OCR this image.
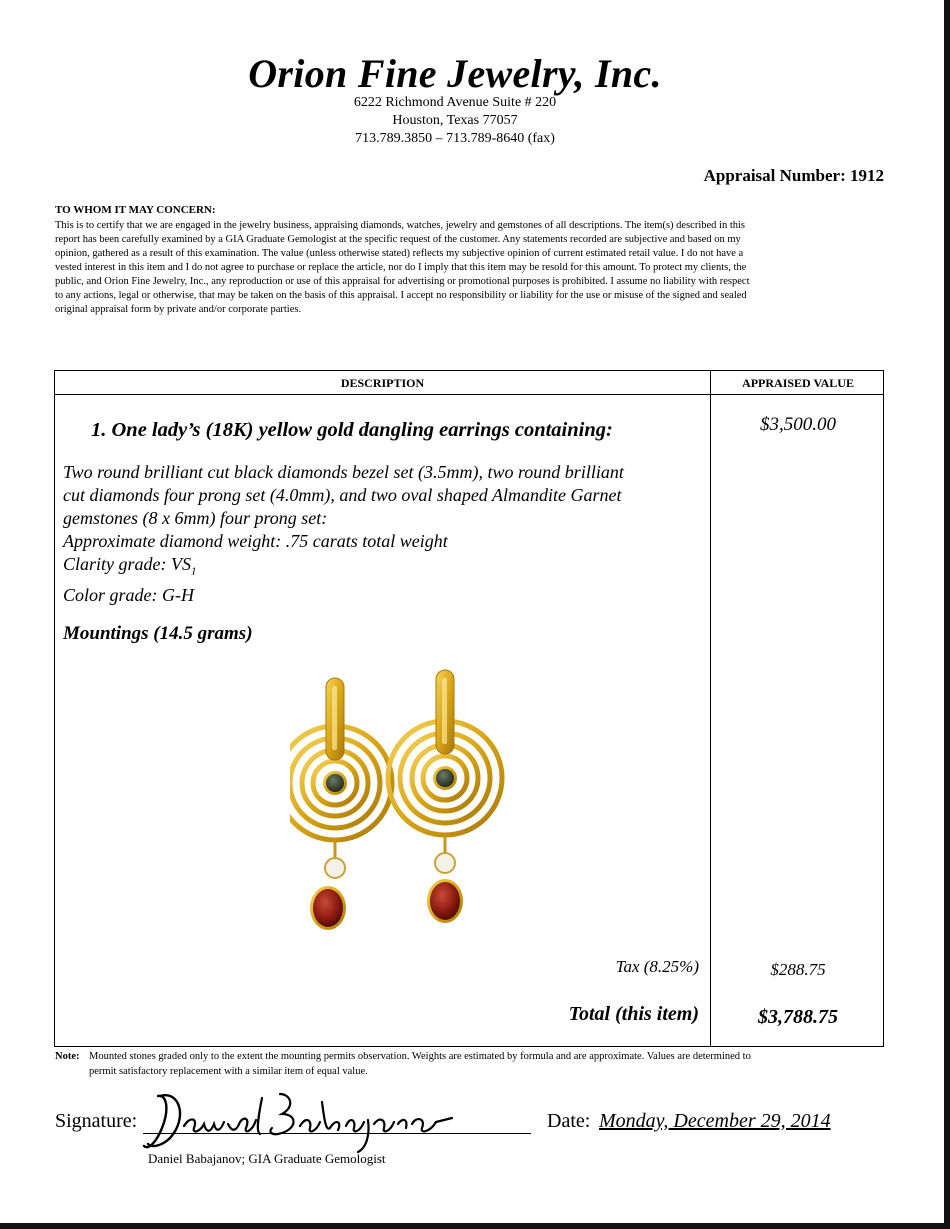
Orion Fine Jewelry, Inc.
6222 Richmond Avenue Suite # 220
Houston, Texas 77057
713.789.3850 – 713.789-8640 (fax)
Appraisal Number: 1912
TO WHOM IT MAY CONCERN:
This is to certify that we are engaged in the jewelry business, appraising diamonds, watches, jewelry and gemstones of all descriptions. The item(s) described in this
report has been carefully examined by a GIA Graduate Gemologist at the specific request of the customer. Any statements recorded are subjective and based on my
opinion, gathered as a result of this examination. The value (unless otherwise stated) reflects my subjective opinion of current estimated retail value. I do not have a
vested interest in this item and I do not agree to purchase or replace the article, nor do I imply that this item may be resold for this amount. To protect my clients, the
public, and Orion Fine Jewelry, Inc., any reproduction or use of this appraisal for advertising or promotional purposes is prohibited. I assume no liability with respect
to any actions, legal or otherwise, that may be taken on the basis of this appraisal. I accept no responsibility or liability for the use or misuse of the signed and sealed
original appraisal form by private and/or corporate parties.
DESCRIPTION	APPRAISED VALUE
1. One lady’s (18K) yellow gold dangling earrings containing:
Two round brilliant cut black diamonds bezel set (3.5mm), two round brilliant
cut diamonds four prong set (4.0mm), and two oval shaped Almandite Garnet
gemstones (8 x 6mm) four prong set:
Approximate diamond weight: .75 carats total weight
Clarity grade: $VS_1$
Color grade: G-H
Mountings (14.5 grams)
$3,500.00
Tax (8.25%)	$288.75
Total (this item)	$3,788.75
Note: Mounted stones graded only to the extent the mounting permits observation. Weights are estimated by formula and are approximate. Values are determined to
permit satisfactory replacement with a similar item of equal value.
Signature:
Daniel Babajanov; GIA Graduate Gemologist
Date: Monday, December 29, 2014
